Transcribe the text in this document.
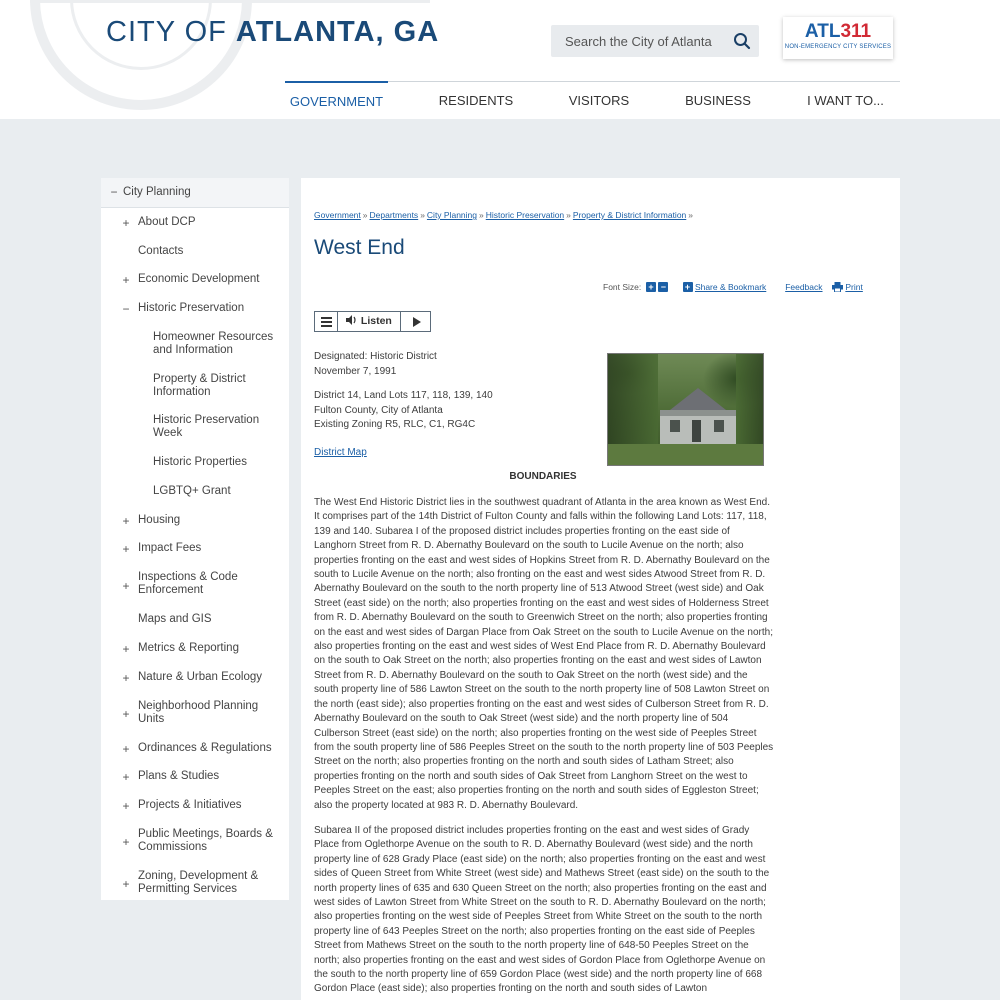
CITY OF ATLANTA, GA
Search the City of Atlanta	ATL311
NON-EMERGENCY CITY SERVICES
GOVERNMENT	RESIDENTS	VISITORS	BUSINESS	I WANT TO...
− City Planning
+ About DCP
Contacts
+ Economic Development
− Historic Preservation
Homeowner Resources and Information
Property & District Information
Historic Preservation Week
Historic Properties
LGBTQ+ Grant
+ Housing
+ Impact Fees
+
Inspections & Code Enforcement
Maps and GIS
+ Metrics & Reporting
+ Nature & Urban Ecology
+
Neighborhood Planning Units
+ Ordinances & Regulations
+ Plans & Studies
+ Projects & Initiatives
+
Public Meetings, Boards & Commissions
+
Zoning, Development & Permitting Services
Government » Departments » City Planning » Historic Preservation » Property & District Information »
West End
Font Size: + − + Share & Bookmark Feedback	Print
Listen
Designated: Historic District
November 7, 1991
District 14, Land Lots 117, 118, 139, 140
Fulton County, City of Atlanta
Existing Zoning R5, RLC, C1, RG4C
District Map
BOUNDARIES

The West End Historic District lies in the southwest quadrant of Atlanta in the area known as West End. It comprises part of the 14th District of Fulton County and falls within the following Land Lots: 117, 118, 139 and 140. Subarea I of the proposed district includes properties fronting on the east side of Langhorn Street from R. D. Abernathy Boulevard on the south to Lucile Avenue on the north; also properties fronting on the east and west sides of Hopkins Street from R. D. Abernathy Boulevard on the south to Lucile Avenue on the north; also fronting on the east and west sides Atwood Street from R. D. Abernathy Boulevard on the south to the north property line of 513 Atwood Street (west side) and Oak Street (east side) on the north; also properties fronting on the east and west sides of Holderness Street from R. D. Abernathy Boulevard on the south to Greenwich Street on the north; also properties fronting on the east and west sides of Dargan Place from Oak Street on the south to Lucile Avenue on the north; also properties fronting on the east and west sides of West End Place from R. D. Abernathy Boulevard on the south to Oak Street on the north; also properties fronting on the east and west sides of Lawton Street from R. D. Abernathy Boulevard on the south to Oak Street on the north (west side) and the south property line of 586 Lawton Street on the south to the north property line of 508 Lawton Street on the north (east side); also properties fronting on the east and west sides of Culberson Street from R. D. Abernathy Boulevard on the south to Oak Street (west side) and the north property line of 504 Culberson Street (east side) on the north; also properties fronting on the west side of Peeples Street from the south property line of 586 Peeples Street on the south to the north property line of 503 Peeples Street on the north; also properties fronting on the north and south sides of Latham Street; also properties fronting on the north and south sides of Oak Street from Langhorn Street on the west to Peeples Street on the east; also properties fronting on the north and south sides of Eggleston Street; also the property located at 983 R. D. Abernathy Boulevard.

Subarea II of the proposed district includes properties fronting on the east and west sides of Grady Place from Oglethorpe Avenue on the south to R. D. Abernathy Boulevard (west side) and the north property line of 628 Grady Place (east side) on the north; also properties fronting on the east and west sides of Queen Street from White Street (west side) and Mathews Street (east side) on the south to the north property lines of 635 and 630 Queen Street on the north; also properties fronting on the east and west sides of Lawton Street from White Street on the south to R. D. Abernathy Boulevard on the north; also properties fronting on the west side of Peeples Street from White Street on the south to the north property line of 643 Peeples Street on the north; also properties fronting on the east side of Peeples Street from Mathews Street on the south to the north property line of 648-50 Peeples Street on the north; also properties fronting on the east and west sides of Gordon Place from Oglethorpe Avenue on the south to the north property line of 659 Gordon Place (west side) and the north property line of 668 Gordon Place (east side); also properties fronting on the north and south sides of Lawton
